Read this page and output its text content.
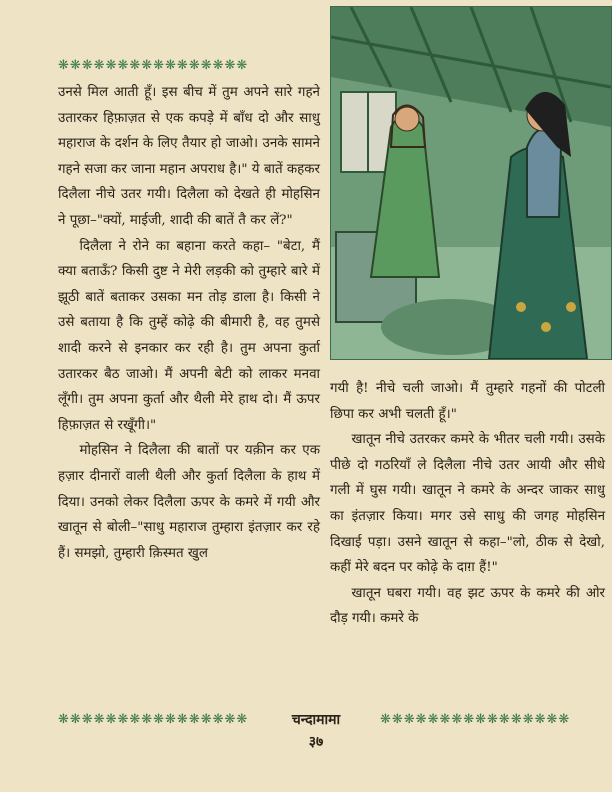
❋❋❋❋❋❋❋❋❋❋❋❋❋❋❋❋

उनसे मिल आती हूँ। इस बीच में तुम अपने सारे गहने उतारकर हिफ़ाज़त से एक कपड़े में बाँध दो और साधु महाराज के दर्शन के लिए तैयार हो जाओ। उनके सामने गहने सजा कर जाना महान अपराध है।" ये बातें कहकर दिलैला नीचे उतर गयी। दिलैला को देखते ही मोहसिन ने पूछा–"क्यों, माईजी, शादी की बातें तै कर लें?"

दिलैला ने रोने का बहाना करते कहा– "बेटा, मैं क्या बताऊँ? किसी दुष्ट ने मेरी लड़की को तुम्हारे बारे में झूठी बातें बताकर उसका मन तोड़ डाला है। किसी ने उसे बताया है कि तुम्हें कोढ़े की बीमारी है, वह तुमसे शादी करने से इनकार कर रही है। तुम अपना कुर्ता उतारकर बैठ जाओ। मैं अपनी बेटी को लाकर मनवा लूँगी। तुम अपना कुर्ता और थैली मेरे हाथ दो। मैं ऊपर हिफ़ाज़त से रखूँगी।"

मोहसिन ने दिलैला की बातों पर यक़ीन कर एक हज़ार दीनारों वाली थैली और कुर्ता दिलैला के हाथ में दिया। उनको लेकर दिलैला ऊपर के कमरे में गयी और खातून से बोली–"साधु महाराज तुम्हारा इंतज़ार कर रहे हैं। समझो, तुम्हारी क़िस्मत खुल

गयी है! नीचे चली जाओ। मैं तुम्हारे गहनों की पोटली छिपा कर अभी चलती हूँ।"

खातून नीचे उतरकर कमरे के भीतर चली गयी। उसके पीछे दो गठरियाँ ले दिलैला नीचे उतर आयी और सीधे गली में घुस गयी। खातून ने कमरे के अन्दर जाकर साधु का इंतज़ार किया। मगर उसे साधु की जगह मोहसिन दिखाई पड़ा। उसने खातून से कहा–"लो, ठीक से देखो, कहीं मेरे बदन पर कोढ़े के दाग़ हैं!"

खातून घबरा गयी। वह झट ऊपर के कमरे की ओर दौड़ गयी। कमरे के

❋❋❋❋❋❋❋❋❋❋❋❋❋❋❋❋	❋❋❋❋❋❋❋❋❋❋❋❋❋❋❋❋
चन्दामामा
३७
